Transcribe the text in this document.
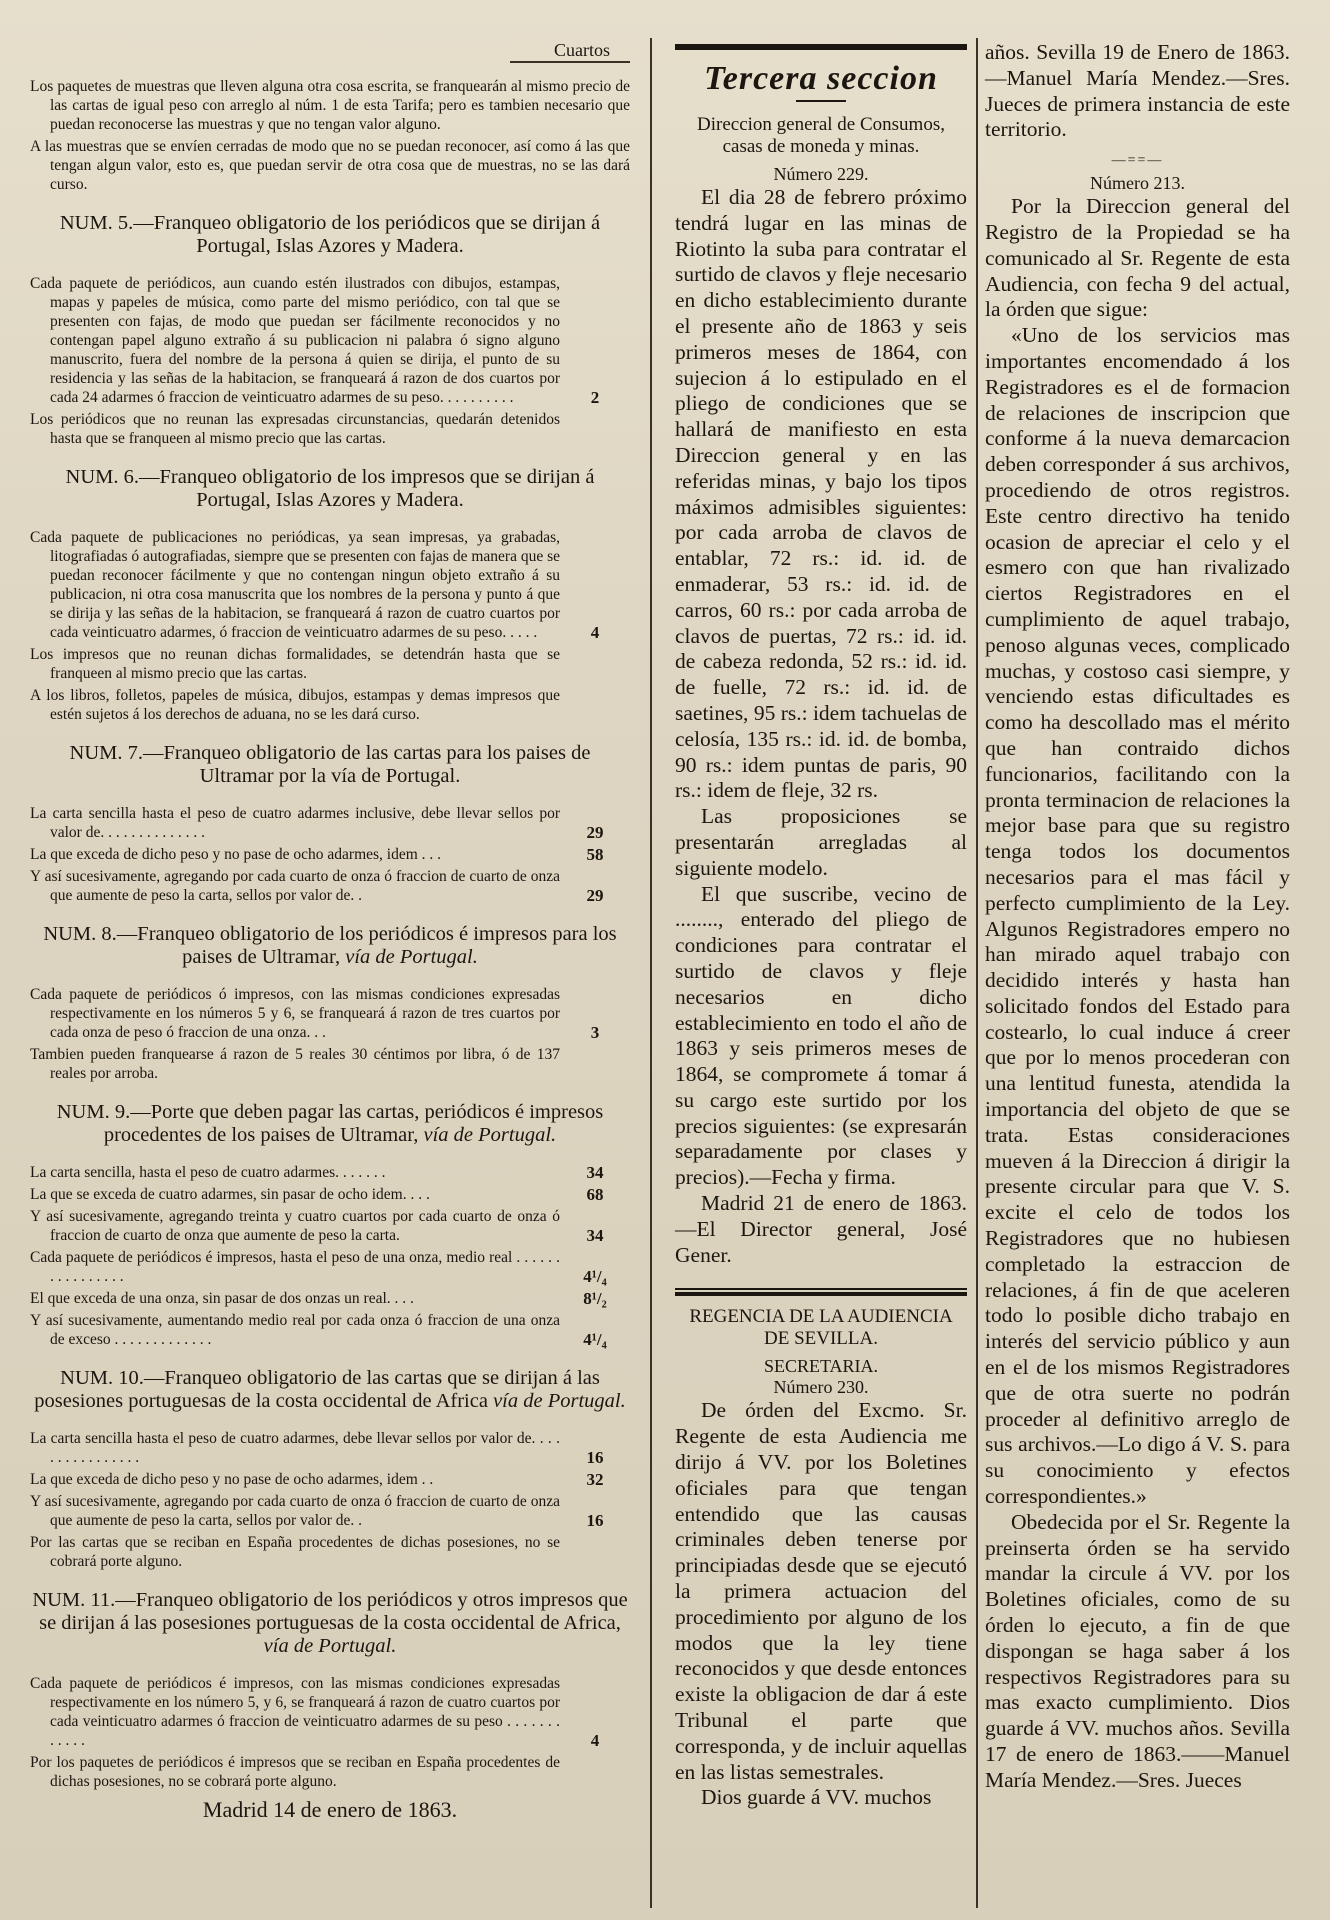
Cuartos
Los paquetes de muestras que lleven alguna otra cosa escrita, se franquearán al mismo precio de las cartas de igual peso con arreglo al núm. 1 de esta Tarifa; pero es tambien necesario que puedan reconocerse las muestras y que no tengan valor alguno.
A las muestras que se envíen cerradas de modo que no se puedan reconocer, así como á las que tengan algun valor, esto es, que puedan servir de otra cosa que de muestras, no se las dará curso.
NUM. 5.—Franqueo obligatorio de los periódicos que se dirijan á Portugal, Islas Azores y Madera.
Cada paquete de periódicos, aun cuando estén ilustrados con dibujos, estampas, mapas y papeles de música, como parte del mismo periódico, con tal que se presenten con fajas, de modo que puedan ser fácilmente reconocidos y no contengan papel alguno extraño á su publicacion ni palabra ó signo alguno manuscrito, fuera del nombre de la persona á quien se dirija, el punto de su residencia y las señas de la habitacion, se franqueará á razon de dos cuartos por cada 24 adarmes ó fraccion de veinticuatro adarmes de su peso. . . . . . . . . .	2
Los periódicos que no reunan las expresadas circunstancias, quedarán detenidos hasta que se franqueen al mismo precio que las cartas.
NUM. 6.—Franqueo obligatorio de los impresos que se dirijan á Portugal, Islas Azores y Madera.
Cada paquete de publicaciones no periódicas, ya sean impresas, ya grabadas, litografiadas ó autografiadas, siempre que se presenten con fajas de manera que se puedan reconocer fácilmente y que no contengan ningun objeto extraño á su publicacion, ni otra cosa manuscrita que los nombres de la persona y punto á que se dirija y las señas de la habitacion, se franqueará á razon de cuatro cuartos por cada veinticuatro adarmes, ó fraccion de veinticuatro adarmes de su peso. . . . .	4
Los impresos que no reunan dichas formalidades, se detendrán hasta que se franqueen al mismo precio que las cartas.
A los libros, folletos, papeles de música, dibujos, estampas y demas impresos que estén sujetos á los derechos de aduana, no se les dará curso.
NUM. 7.—Franqueo obligatorio de las cartas para los paises de Ultramar por la vía de Portugal.
La carta sencilla hasta el peso de cuatro adarmes inclusive, debe llevar sellos por valor de. . . . . . . . . . . . . .	29
La que exceda de dicho peso y no pase de ocho adarmes, idem . . .	58
Y así sucesivamente, agregando por cada cuarto de onza ó fraccion de cuarto de onza que aumente de peso la carta, sellos por valor de. .	29
NUM. 8.—Franqueo obligatorio de los periódicos é impresos para los paises de Ultramar, vía de Portugal.
Cada paquete de periódicos ó impresos, con las mismas condiciones expresadas respectivamente en los números 5 y 6, se franqueará á razon de tres cuartos por cada onza de peso ó fraccion de una onza. . .	3
Tambien pueden franquearse á razon de 5 reales 30 céntimos por libra, ó de 137 reales por arroba.
NUM. 9.—Porte que deben pagar las cartas, periódicos é impresos procedentes de los paises de Ultramar, vía de Portugal.
La carta sencilla, hasta el peso de cuatro adarmes. . . . . . .	34
La que se exceda de cuatro adarmes, sin pasar de ocho idem. . . .	68
Y así sucesivamente, agregando treinta y cuatro cuartos por cada cuarto de onza ó fraccion de cuarto de onza que aumente de peso la carta.	34
Cada paquete de periódicos é impresos, hasta el peso de una onza, medio real . . . . . . . . . . . . . . . .	4¹/₄
El que exceda de una onza, sin pasar de dos onzas un real. . . .	8¹/₂
Y así sucesivamente, aumentando medio real por cada onza ó fraccion de una onza de exceso . . . . . . . . . . . . .	4¹/₄
NUM. 10.—Franqueo obligatorio de las cartas que se dirijan á las posesiones portuguesas de la costa occidental de Africa vía de Portugal.
La carta sencilla hasta el peso de cuatro adarmes, debe llevar sellos por valor de. . . . . . . . . . . . . . . .	16
La que exceda de dicho peso y no pase de ocho adarmes, idem . .	32
Y así sucesivamente, agregando por cada cuarto de onza ó fraccion de cuarto de onza que aumente de peso la carta, sellos por valor de. .	16
Por las cartas que se reciban en España procedentes de dichas posesiones, no se cobrará porte alguno.
NUM. 11.—Franqueo obligatorio de los periódicos y otros impresos que se dirijan á las posesiones portuguesas de la costa occidental de Africa, vía de Portugal.
Cada paquete de periódicos é impresos, con las mismas condiciones expresadas respectivamente en los número 5, y 6, se franqueará á razon de cuatro cuartos por cada veinticuatro adarmes ó fraccion de veinticuatro adarmes de su peso . . . . . . . . . . . .	4
Por los paquetes de periódicos é impresos que se reciban en España procedentes de dichas posesiones, no se cobrará porte alguno.
Madrid 14 de enero de 1863.
Tercera seccion
Direccion general de Consumos, casas de moneda y minas.
Número 229.

El dia 28 de febrero próximo tendrá lugar en las minas de Riotinto la suba para contratar el surtido de clavos y fleje necesario en dicho establecimiento durante el presente año de 1863 y seis primeros meses de 1864, con sujecion á lo estipulado en el pliego de condiciones que se hallará de manifiesto en esta Direccion general y en las referidas minas, y bajo los tipos máximos admisibles siguientes: por cada arroba de clavos de entablar, 72 rs.: id. id. de enmaderar, 53 rs.: id. id. de carros, 60 rs.: por cada arroba de clavos de puertas, 72 rs.: id. id. de cabeza redonda, 52 rs.: id. id. de fuelle, 72 rs.: id. id. de saetines, 95 rs.: idem tachuelas de celosía, 135 rs.: id. id. de bomba, 90 rs.: idem puntas de paris, 90 rs.: idem de fleje, 32 rs.

Las proposiciones se presentarán arregladas al siguiente modelo.

El que suscribe, vecino de ........, enterado del pliego de condiciones para contratar el surtido de clavos y fleje necesarios en dicho establecimiento en todo el año de 1863 y seis primeros meses de 1864, se compromete á tomar á su cargo este surtido por los precios siguientes: (se expresarán separadamente por clases y precios).—Fecha y firma.

Madrid 21 de enero de 1863. —El Director general, José Gener.

REGENCIA DE LA AUDIENCIA DE SEVILLA.
SECRETARIA.
Número 230.

De órden del Excmo. Sr. Regente de esta Audiencia me dirijo á VV. por los Boletines oficiales para que tengan entendido que las causas criminales deben tenerse por principiadas desde que se ejecutó la primera actuacion del procedimiento por alguno de los modos que la ley tiene reconocidos y que desde entonces existe la obligacion de dar á este Tribunal el parte que corresponda, y de incluir aquellas en las listas semestrales.

Dios guarde á VV. muchos

años. Sevilla 19 de Enero de 1863.—Manuel María Mendez.—Sres. Jueces de primera instancia de este territorio.
—==—
Número 213.

Por la Direccion general del Registro de la Propiedad se ha comunicado al Sr. Regente de esta Audiencia, con fecha 9 del actual, la órden que sigue:

«Uno de los servicios mas importantes encomendado á los Registradores es el de formacion de relaciones de inscripcion que conforme á la nueva demarcacion deben corresponder á sus archivos, procediendo de otros registros. Este centro directivo ha tenido ocasion de apreciar el celo y el esmero con que han rivalizado ciertos Registradores en el cumplimiento de aquel trabajo, penoso algunas veces, complicado muchas, y costoso casi siempre, y venciendo estas dificultades es como ha descollado mas el mérito que han contraido dichos funcionarios, facilitando con la pronta terminacion de relaciones la mejor base para que su registro tenga todos los documentos necesarios para el mas fácil y perfecto cumplimiento de la Ley. Algunos Registradores empero no han mirado aquel trabajo con decidido interés y hasta han solicitado fondos del Estado para costearlo, lo cual induce á creer que por lo menos procederan con una lentitud funesta, atendida la importancia del objeto de que se trata. Estas consideraciones mueven á la Direccion á dirigir la presente circular para que V. S. excite el celo de todos los Registradores que no hubiesen completado la estraccion de relaciones, á fin de que aceleren todo lo posible dicho trabajo en interés del servicio público y aun en el de los mismos Registradores que de otra suerte no podrán proceder al definitivo arreglo de sus archivos.—Lo digo á V. S. para su conocimiento y efectos correspondientes.»

Obedecida por el Sr. Regente la preinserta órden se ha servido mandar la circule á VV. por los Boletines oficiales, como de su órden lo ejecuto, a fin de que dispongan se haga saber á los respectivos Registradores para su mas exacto cumplimiento. Dios guarde á VV. muchos años. Sevilla 17 de enero de 1863.——Manuel María Mendez.—Sres. Jueces
